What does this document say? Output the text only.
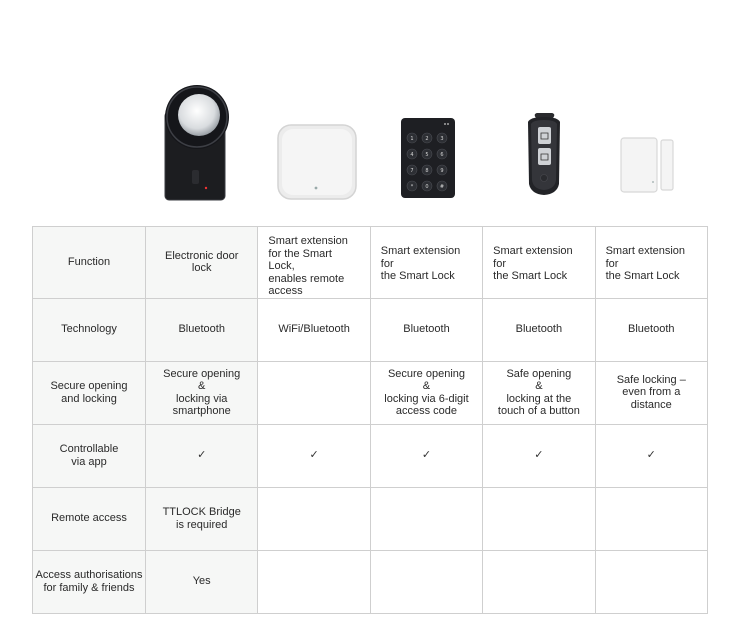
1 2 3
4 5 6
7 8 9
* 0 #
Function	Electronic door lock	Smart extension
for the Smart Lock,
enables remote
access	Smart extension for
the Smart Lock	Smart extension for
the Smart Lock	Smart extension for
the Smart Lock
Technology	Bluetooth	WiFi/Bluetooth	Bluetooth	Bluetooth	Bluetooth
Secure opening
and locking	Secure opening
&
locking via
smartphone		Secure opening
&
locking via 6-digit
access code	Safe opening
&
locking at the
touch of a button	Safe locking –
even from a distance
Controllable
via app	✓	✓	✓	✓	✓
Remote access	TTLOCK Bridge
is required				
Access authorisations
for family & friends	Yes				
